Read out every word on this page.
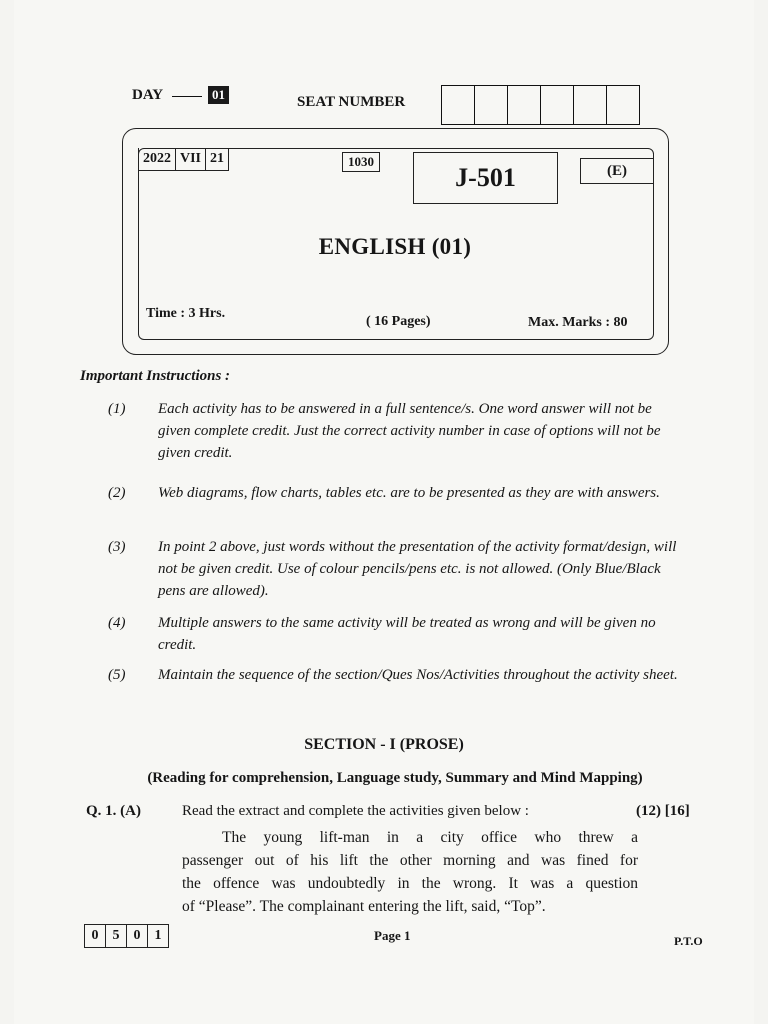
DAY	01	SEAT NUMBER
2022 VII 21	1030
J-501	(E)
ENGLISH (01)
Time : 3 Hrs.
( 16 Pages)	Max. Marks : 80
Important Instructions :
(1)	Each activity has to be answered in a full sentence/s. One word answer will not be given complete credit. Just the correct activity number in case of options will not be given credit.
(2)	Web diagrams, flow charts, tables etc. are to be presented as they are with answers.
(3)	In point 2 above, just words without the presentation of the activity format/design, will not be given credit. Use of colour pencils/pens etc. is not allowed. (Only Blue/Black pens are allowed).
(4)	Multiple answers to the same activity will be treated as wrong and will be given no credit.
(5)	Maintain the sequence of the section/Ques Nos/Activities throughout the activity sheet.
SECTION - I (PROSE)
(Reading for comprehension, Language study, Summary and Mind Mapping)
Q. 1. (A)	Read the extract and complete the activities given below :	(12) [16]

The young lift-man in a city office who threw a

passenger out of his lift the other morning and was fined for

the offence was undoubtedly in the wrong. It was a question

of “Please”. The complainant entering the lift, said, “Top”.

0	5	0	1	Page 1	P.T.O
